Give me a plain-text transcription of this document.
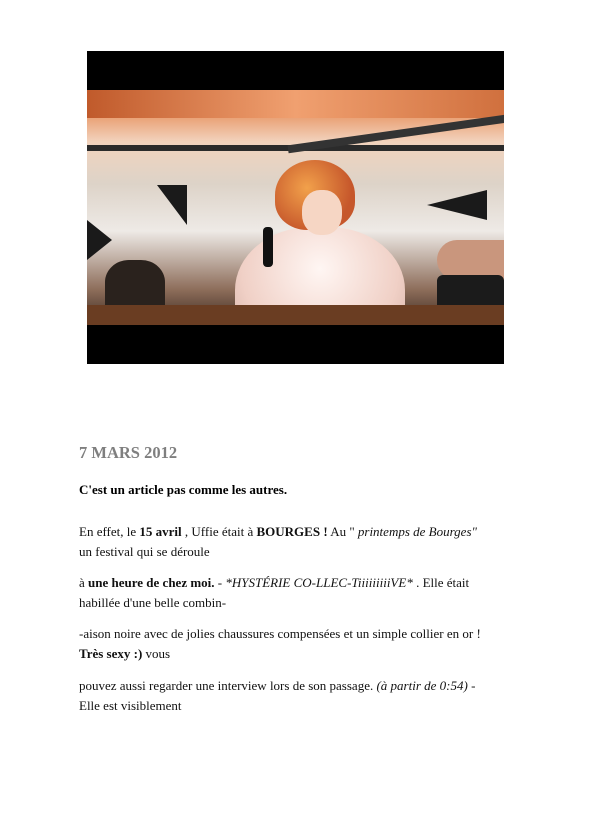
7 MARS 2012
C'est un article pas comme les autres.
En effet, le 15 avril , Uffie était à BOURGES ! Au " printemps de Bourges"
un festival qui se déroule
à une heure de chez moi. - *HYSTÉRIE CO-LLEC-TiiiiiiiiiVE* . Elle était
habillée d'une belle combin-
-aison noire avec de jolies chaussures compensées et un simple collier en or !
Très sexy :) vous
pouvez aussi regarder une interview lors de son passage. (à partir de 0:54) -
Elle est visiblement
